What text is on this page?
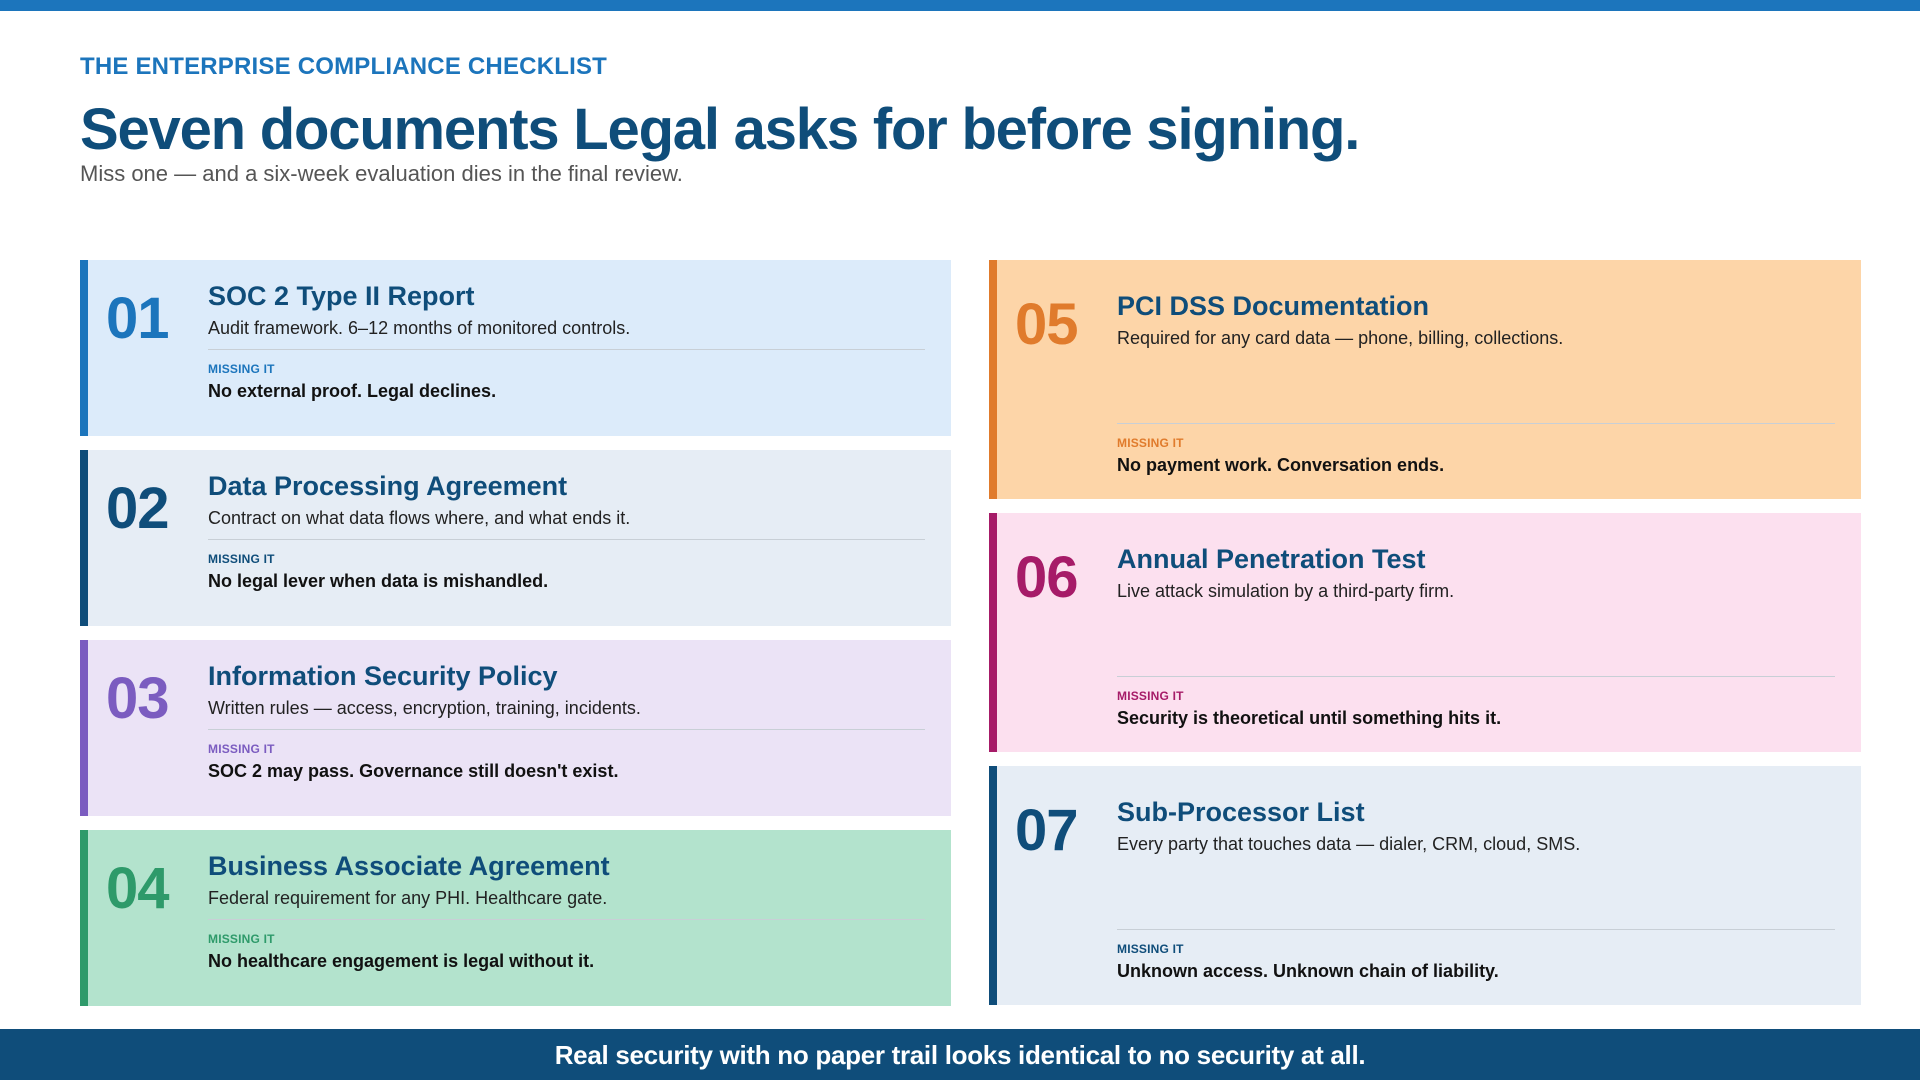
THE ENTERPRISE COMPLIANCE CHECKLIST
Seven documents Legal asks for before signing.
Miss one — and a six-week evaluation dies in the final review.
01 SOC 2 Type II Report
Audit framework. 6–12 months of monitored controls.
MISSING IT
No external proof. Legal declines.
02 Data Processing Agreement
Contract on what data flows where, and what ends it.
MISSING IT
No legal lever when data is mishandled.
03 Information Security Policy
Written rules — access, encryption, training, incidents.
MISSING IT
SOC 2 may pass. Governance still doesn't exist.
04 Business Associate Agreement
Federal requirement for any PHI. Healthcare gate.
MISSING IT
No healthcare engagement is legal without it.
05 PCI DSS Documentation
Required for any card data — phone, billing, collections.
MISSING IT
No payment work. Conversation ends.
06 Annual Penetration Test
Live attack simulation by a third-party firm.
MISSING IT
Security is theoretical until something hits it.
07 Sub-Processor List
Every party that touches data — dialer, CRM, cloud, SMS.
MISSING IT
Unknown access. Unknown chain of liability.
Real security with no paper trail looks identical to no security at all.
